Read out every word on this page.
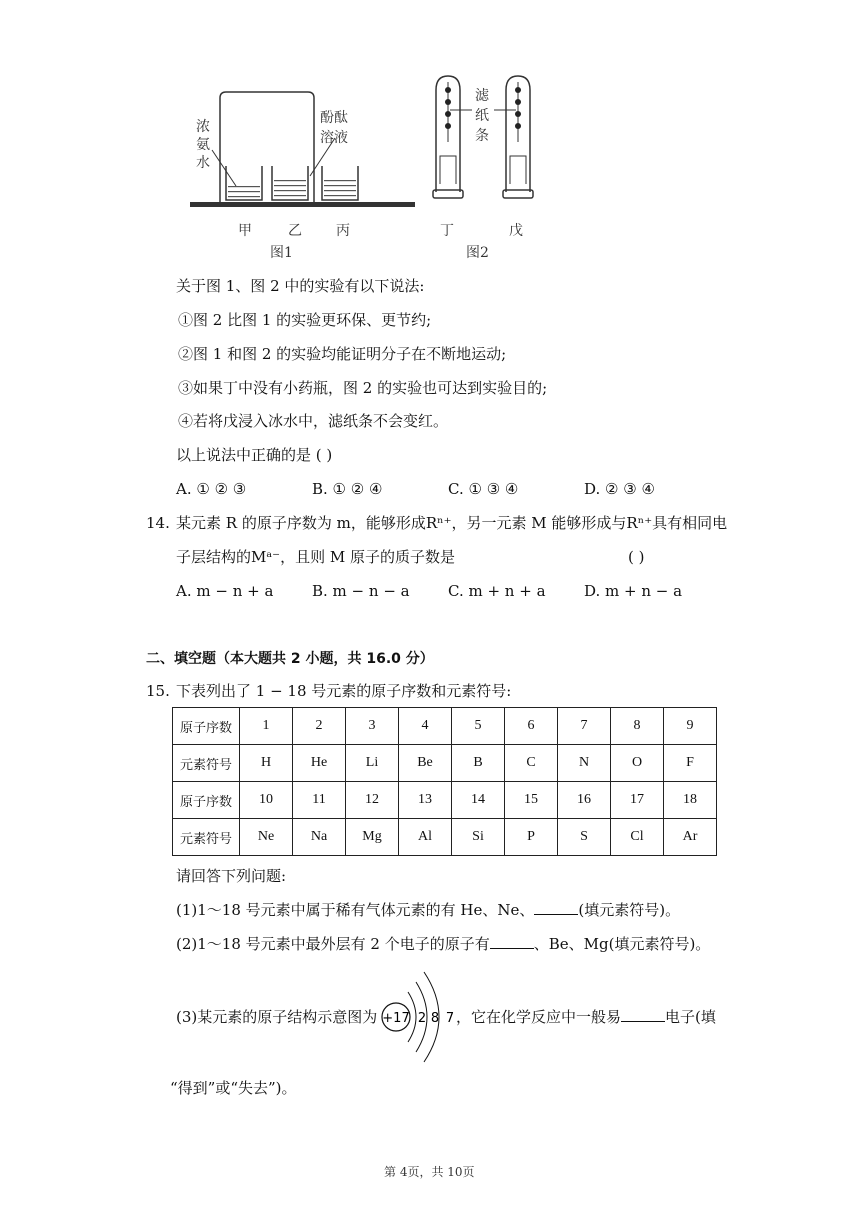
浓
氨
水
酚酞
溶液
甲	乙 丙
图1
滤
纸
条
丁	戊
图2
关于图 1、图 2 中的实验有以下说法:
①图 2 比图 1 的实验更环保、更节约;
②图 1 和图 2 的实验均能证明分子在不断地运动;
③如果丁中没有小药瓶，图 2 的实验也可达到实验目的;
④若将戊浸入冰水中，滤纸条不会变红。
以上说法中正确的是 ( )
A. ① ② ③	B. ① ② ④	C. ① ③ ④	D. ② ③ ④
14. 某元素 R 的原子序数为 m，能够形成Rⁿ⁺，另一元素 M 能够形成与Rⁿ⁺具有相同电
子层结构的Mᵃ⁻，且则 M 原子的质子数是	( )
A. m − n + a	B. m − n − a	C. m + n + a	D. m + n − a
二、填空题（本大题共 2 小题，共 16.0 分）
15. 下表列出了 1 − 18 号元素的原子序数和元素符号:
原子序数	1	2	3	4	5	6	7	8	9
元素符号	H	He	Li	Be	B	C	N	O	F
原子序数	10	11	12	13	14	15	16	17	18
元素符号	Ne	Na	Mg	Al	Si	P	S	Cl	Ar
请回答下列问题:
(1)1～18 号元素中属于稀有气体元素的有 He、Ne、	(填元素符号)。
(2)1～18 号元素中最外层有 2 个电子的原子有	、Be、Mg(填元素符号)。
(3)某元素的原子结构示意图为 +17 2 8 7 ，它在化学反应中一般易	电子(填
“得到”或“失去”)。
第 4页，共 10页
